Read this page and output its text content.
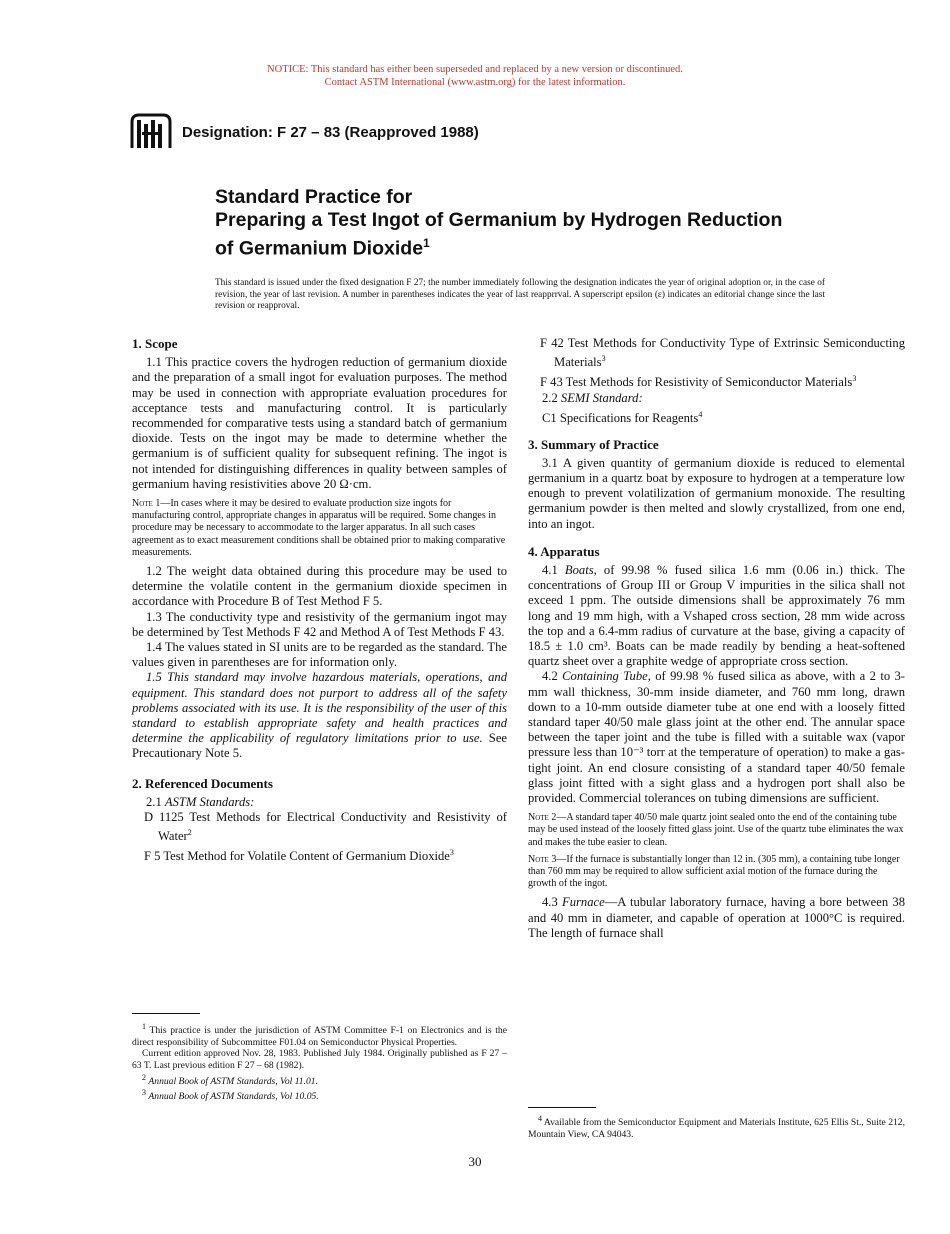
NOTICE: This standard has either been superseded and replaced by a new version or discontinued.
Contact ASTM International (www.astm.org) for the latest information.
Designation: F 27 – 83 (Reapproved 1988)
Standard Practice for
Preparing a Test Ingot of Germanium by Hydrogen Reduction
of Germanium Dioxide$^1$
This standard is issued under the fixed designation F 27; the number immediately following the designation indicates the year of original adoption or, in the case of revision, the year of last revision. A number in parentheses indicates the year of last reapprrval. A superscript epsilon (ε) indicates an editorial change since the last revision or reapproval.
1. Scope

1.1 This practice covers the hydrogen reduction of germanium dioxide and the preparation of a small ingot for evaluation purposes. The method may be used in connection with appropriate evaluation procedures for acceptance tests and manufacturing control. It is particularly recommended for comparative tests using a standard batch of germanium dioxide. Tests on the ingot may be made to determine whether the germanium is of sufficient quality for subsequent refining. The ingot is not intended for distinguishing differences in quality between samples of germanium having resistivities above 20 Ω·cm.

Note 1—In cases where it may be desired to evaluate production size ingots for manufacturing control, appropriate changes in apparatus will be required. Some changes in procedure may be necessary to accommodate to the larger apparatus. In all such cases agreement as to exact measurement conditions shall be obtained prior to making comparative measurements.

1.2 The weight data obtained during this procedure may be used to determine the volatile content in the germanium dioxide specimen in accordance with Procedure B of Test Method F 5.

1.3 The conductivity type and resistivity of the germanium ingot may be determined by Test Methods F 42 and Method A of Test Methods F 43.

1.4 The values stated in SI units are to be regarded as the standard. The values given in parentheses are for information only.

1.5 This standard may involve hazardous materials, operations, and equipment. This standard does not purport to address all of the safety problems associated with its use. It is the responsibility of the user of this standard to establish appropriate safety and health practices and determine the applicability of regulatory limitations prior to use. See Precautionary Note 5.

2. Referenced Documents

2.1 ASTM Standards:

D 1125 Test Methods for Electrical Conductivity and Resistivity of Water$^2$

F 5 Test Method for Volatile Content of Germanium Dioxide$^3$

F 42 Test Methods for Conductivity Type of Extrinsic Semiconducting Materials$^3$

F 43 Test Methods for Resistivity of Semiconductor Materials$^3$

2.2 SEMI Standard:

C1 Specifications for Reagents$^4$

3. Summary of Practice

3.1 A given quantity of germanium dioxide is reduced to elemental germanium in a quartz boat by exposure to hydrogen at a temperature low enough to prevent volatilization of germanium monoxide. The resulting germanium powder is then melted and slowly crystallized, from one end, into an ingot.

4. Apparatus

4.1 Boats, of 99.98 % fused silica 1.6 mm (0.06 in.) thick. The concentrations of Group III or Group V impurities in the silica shall not exceed 1 ppm. The outside dimensions shall be approximately 76 mm long and 19 mm high, with a Vshaped cross section, 28 mm wide across the top and a 6.4-mm radius of curvature at the base, giving a capacity of 18.5 ± 1.0 cm³. Boats can be made readily by bending a heat-softened quartz sheet over a graphite wedge of appropriate cross section.

4.2 Containing Tube, of 99.98 % fused silica as above, with a 2 to 3-mm wall thickness, 30-mm inside diameter, and 760 mm long, drawn down to a 10-mm outside diameter tube at one end with a loosely fitted standard taper 40/50 male glass joint at the other end. The annular space between the taper joint and the tube is filled with a suitable wax (vapor pressure less than 10⁻³ torr at the temperature of operation) to make a gas-tight joint. An end closure consisting of a standard taper 40/50 female glass joint fitted with a sight glass and a hydrogen port shall also be provided. Commercial tolerances on tubing dimensions are sufficient.

Note 2—A standard taper 40/50 male quartz joint sealed onto the end of the containing tube may be used instead of the loosely fitted glass joint. Use of the quartz tube eliminates the wax and makes the tube easier to clean.
Note 3—If the furnace is substantially longer than 12 in. (305 mm), a containing tube longer than 760 mm may be required to allow sufficient axial motion of the furnace during the growth of the ingot.

4.3 Furnace—A tubular laboratory furnace, having a bore between 38 and 40 mm in diameter, and capable of operation at 1000°C is required. The length of furnace shall

$^1$ This practice is under the jurisdiction of ASTM Committee F-1 on Electronics and is the direct responsibility of Subcommittee F01.04 on Semiconductor Physical Properties.

Current edition approved Nov. 28, 1983. Published July 1984. Originally published as F 27 – 63 T. Last previous edition F 27 – 68 (1982).

$^2$ Annual Book of ASTM Standards, Vol 11.01.

$^3$ Annual Book of ASTM Standards, Vol 10.05.

$^4$ Available from the Semiconductor Equipment and Materials Institute, 625 Ellis St., Suite 212, Mountain View, CA 94043.

30
